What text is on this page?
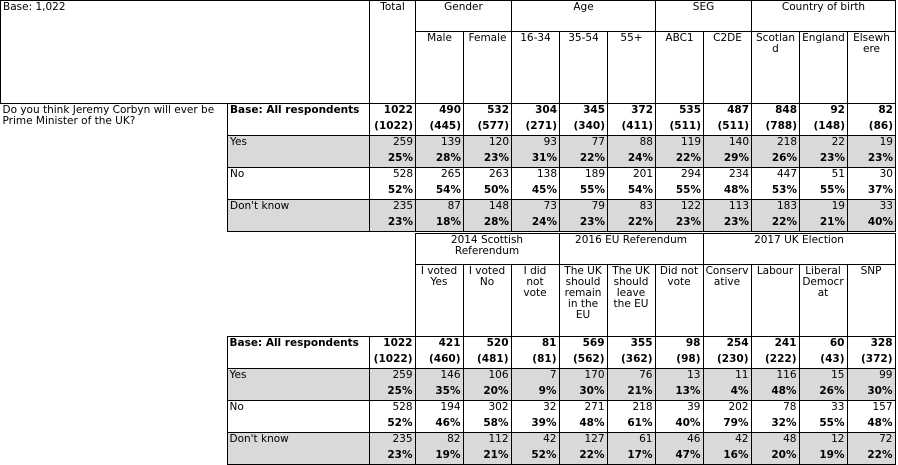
Base: 1,022		Total	Gender		Age			SEG		Country of birth		
			Male	Female	16-34	35-54	55+	ABC1	C2DE	Scotland	England	Elsewhere
Do you think Jeremy Corbyn will ever be Prime Minister of the UK?	Base: All respondents	1022	490	532	304	345	372	535	487	848	92	82
		(1022)	(445)	(577)	(271)	(340)	(411)	(511)	(511)	(788)	(148)	(86)
	Yes	259	139	120	93	77	88	119	140	218	22	19
		25%	28%	23%	31%	22%	24%	22%	29%	26%	23%	23%
	No	528	265	263	138	189	201	294	234	447	51	30
		52%	54%	50%	45%	55%	54%	55%	48%	53%	55%	37%
	Don't know	235	87	148	73	79	83	122	113	183	19	33
		23%	18%	28%	24%	23%	22%	23%	23%	22%	21%	40%
			2014 Scottish Referendum			2016 EU Referendum			2017 UK Election			
			I voted Yes	I voted No	I did not vote	The UK should remain in the EU	The UK should leave the EU	Did not vote	Conservative	Labour	Liberal Democrat	SNP
	Base: All respondents	1022	421	520	81	569	355	98	254	241	60	328
		(1022)	(460)	(481)	(81)	(562)	(362)	(98)	(230)	(222)	(43)	(372)
	Yes	259	146	106	7	170	76	13	11	116	15	99
		25%	35%	20%	9%	30%	21%	13%	4%	48%	26%	30%
	No	528	194	302	32	271	218	39	202	78	33	157
		52%	46%	58%	39%	48%	61%	40%	79%	32%	55%	48%
	Don't know	235	82	112	42	127	61	46	42	48	12	72
		23%	19%	21%	52%	22%	17%	47%	16%	20%	19%	22%
